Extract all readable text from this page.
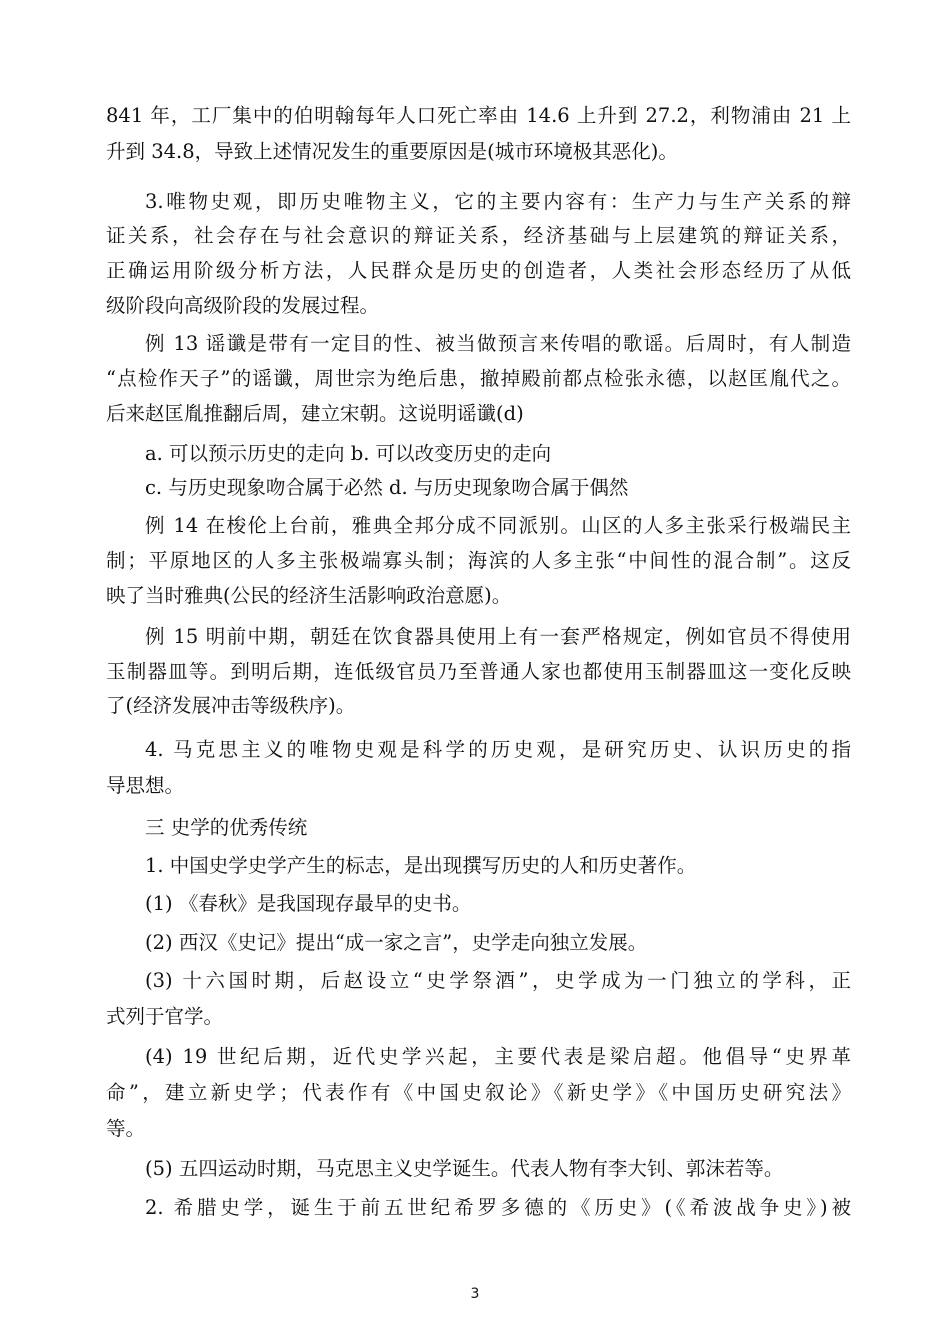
841 年，工厂集中的伯明翰每年人口死亡率由 14.6 上升到 27.2，利物浦由 21 上

升到 34.8，导致上述情况发生的重要原因是(城市环境极其恶化)。

3.唯物史观，即历史唯物主义，它的主要内容有：生产力与生产关系的辩

证关系，社会存在与社会意识的辩证关系，经济基础与上层建筑的辩证关系，

正确运用阶级分析方法，人民群众是历史的创造者，人类社会形态经历了从低

级阶段向高级阶段的发展过程。

例 13 谣谶是带有一定目的性、被当做预言来传唱的歌谣。后周时，有人制造

“点检作天子”的谣谶，周世宗为绝后患，撤掉殿前都点检张永德，以赵匡胤代之。

后来赵匡胤推翻后周，建立宋朝。这说明谣谶(d)

a. 可以预示历史的走向 b. 可以改变历史的走向

c. 与历史现象吻合属于必然 d. 与历史现象吻合属于偶然

例 14 在梭伦上台前，雅典全邦分成不同派别。山区的人多主张采行极端民主

制；平原地区的人多主张极端寡头制；海滨的人多主张“中间性的混合制”。这反

映了当时雅典(公民的经济生活影响政治意愿)。

例 15 明前中期，朝廷在饮食器具使用上有一套严格规定，例如官员不得使用

玉制器皿等。到明后期，连低级官员乃至普通人家也都使用玉制器皿这一变化反映

了(经济发展冲击等级秩序)。

4. 马克思主义的唯物史观是科学的历史观，是研究历史、认识历史的指

导思想。

三 史学的优秀传统

1. 中国史学史学产生的标志，是出现撰写历史的人和历史著作。

(1) 《春秋》是我国现存最早的史书。

(2) 西汉《史记》提出“成一家之言”，史学走向独立发展。

(3) 十六国时期，后赵设立“史学祭酒”，史学成为一门独立的学科，正

式列于官学。

(4) 19 世纪后期，近代史学兴起，主要代表是梁启超。他倡导“史界革

命”，建立新史学；代表作有《中国史叙论》《新史学》《中国历史研究法》

等。

(5) 五四运动时期，马克思主义史学诞生。代表人物有李大钊、郭沫若等。

2. 希腊史学，诞生于前五世纪希罗多德的《历史》(《希波战争史》)被

3
